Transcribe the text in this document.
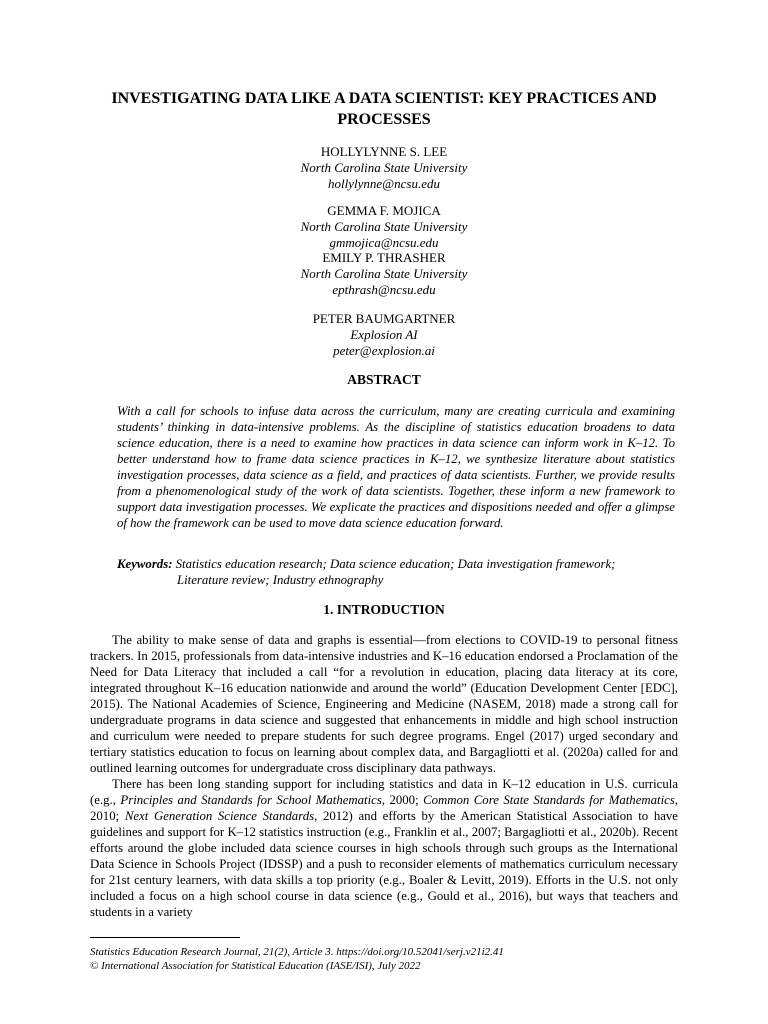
INVESTIGATING DATA LIKE A DATA SCIENTIST: KEY PRACTICES AND PROCESSES
HOLLYLYNNE S. LEE
North Carolina State University
hollylynne@ncsu.edu
GEMMA F. MOJICA
North Carolina State University
gmmojica@ncsu.edu
EMILY P. THRASHER
North Carolina State University
epthrash@ncsu.edu
PETER BAUMGARTNER
Explosion AI
peter@explosion.ai
ABSTRACT

With a call for schools to infuse data across the curriculum, many are creating curricula and examining students’ thinking in data-intensive problems. As the discipline of statistics education broadens to data science education, there is a need to examine how practices in data science can inform work in K–12. To better understand how to frame data science practices in K–12, we synthesize literature about statistics investigation processes, data science as a field, and practices of data scientists. Further, we provide results from a phenomenological study of the work of data scientists. Together, these inform a new framework to support data investigation processes. We explicate the practices and dispositions needed and offer a glimpse of how the framework can be used to move data science education forward.

Keywords: Statistics education research; Data science education; Data investigation framework;
Literature review; Industry ethnography

1. INTRODUCTION

The ability to make sense of data and graphs is essential—from elections to COVID-19 to personal fitness trackers. In 2015, professionals from data-intensive industries and K–16 education endorsed a Proclamation of the Need for Data Literacy that included a call “for a revolution in education, placing data literacy at its core, integrated throughout K–16 education nationwide and around the world” (Education Development Center [EDC], 2015). The National Academies of Science, Engineering and Medicine (NASEM, 2018) made a strong call for undergraduate programs in data science and suggested that enhancements in middle and high school instruction and curriculum were needed to prepare students for such degree programs. Engel (2017) urged secondary and tertiary statistics education to focus on learning about complex data, and Bargagliotti et al. (2020a) called for and outlined learning outcomes for undergraduate cross disciplinary data pathways.

There has been long standing support for including statistics and data in K–12 education in U.S. curricula (e.g., Principles and Standards for School Mathematics, 2000; Common Core State Standards for Mathematics, 2010; Next Generation Science Standards, 2012) and efforts by the American Statistical Association to have guidelines and support for K–12 statistics instruction (e.g., Franklin et al., 2007; Bargagliotti et al., 2020b). Recent efforts around the globe included data science courses in high schools through such groups as the International Data Science in Schools Project (IDSSP) and a push to reconsider elements of mathematics curriculum necessary for 21st century learners, with data skills a top priority (e.g., Boaler & Levitt, 2019). Efforts in the U.S. not only included a focus on a high school course in data science (e.g., Gould et al., 2016), but ways that teachers and students in a variety

Statistics Education Research Journal, 21(2), Article 3. https://doi.org/10.52041/serj.v21i2.41
© International Association for Statistical Education (IASE/ISI), July 2022
